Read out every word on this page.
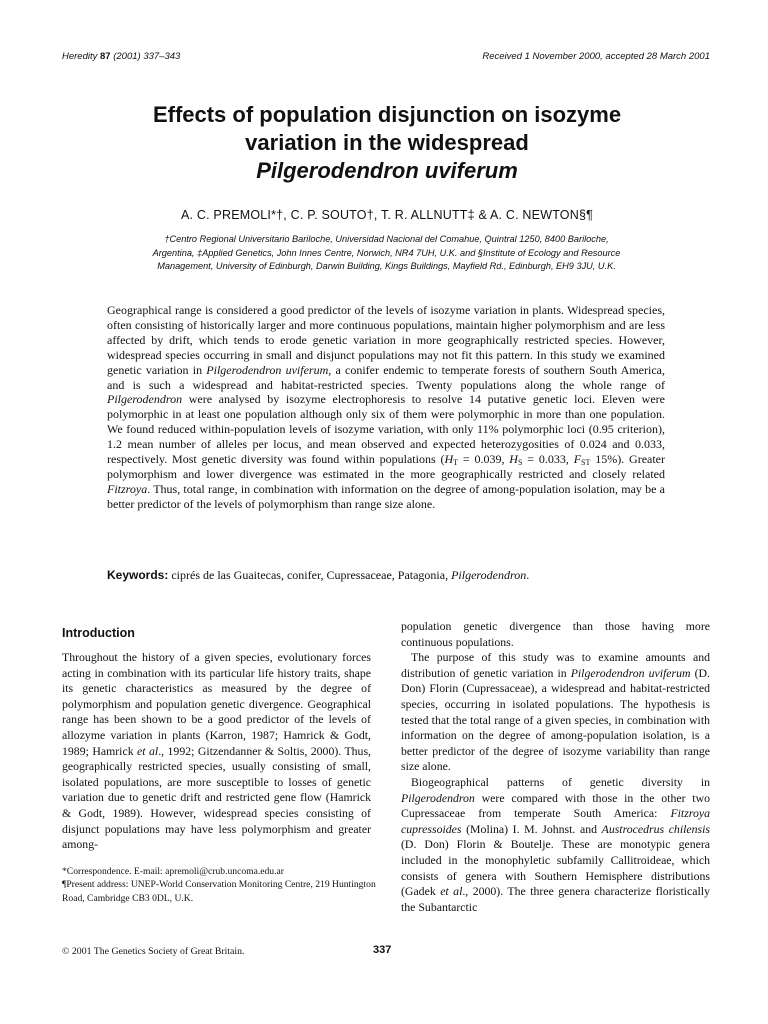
Heredity 87 (2001) 337–343	Received 1 November 2000, accepted 28 March 2001
Effects of population disjunction on isozyme
variation in the widespread
Pilgerodendron uviferum
A. C. PREMOLI*†, C. P. SOUTO†, T. R. ALLNUTT‡ & A. C. NEWTON§¶
†Centro Regional Universitario Bariloche, Universidad Nacional del Comahue, Quintral 1250, 8400 Bariloche,
Argentina, ‡Applied Genetics, John Innes Centre, Norwich, NR4 7UH, U.K. and §Institute of Ecology and Resource
Management, University of Edinburgh, Darwin Building, Kings Buildings, Mayfield Rd., Edinburgh, EH9 3JU, U.K.
Geographical range is considered a good predictor of the levels of isozyme variation in plants. Widespread species, often consisting of historically larger and more continuous populations, maintain higher polymorphism and are less affected by drift, which tends to erode genetic variation in more geographically restricted species. However, widespread species occurring in small and disjunct populations may not fit this pattern. In this study we examined genetic variation in Pilgerodendron uviferum, a conifer endemic to temperate forests of southern South America, and is such a widespread and habitat-restricted species. Twenty populations along the whole range of Pilgerodendron were analysed by isozyme electrophoresis to resolve 14 putative genetic loci. Eleven were polymorphic in at least one population although only six of them were polymorphic in more than one population. We found reduced within-population levels of isozyme variation, with only 11% polymorphic loci (0.95 criterion), 1.2 mean number of alleles per locus, and mean observed and expected heterozygosities of 0.024 and 0.033, respectively. Most genetic diversity was found within populations ($H_T = 0.039$, $H_S = 0.033$, $F_{ST}$ 15%). Greater polymorphism and lower divergence was estimated in the more geographically restricted and closely related Fitzroya. Thus, total range, in combination with information on the degree of among-population isolation, may be a better predictor of the levels of polymorphism than range size alone.
Keywords: ciprés de las Guaitecas, conifer, Cupressaceae, Patagonia, Pilgerodendron.
Introduction

Throughout the history of a given species, evolutionary forces acting in combination with its particular life history traits, shape its genetic characteristics as measured by the degree of polymorphism and population genetic divergence. Geographical range has been shown to be a good predictor of the levels of allozyme variation in plants (Karron, 1987; Hamrick & Godt, 1989; Hamrick et al., 1992; Gitzendanner & Soltis, 2000). Thus, geographically restricted species, usually consisting of small, isolated populations, are more susceptible to losses of genetic variation due to genetic drift and restricted gene flow (Hamrick & Godt, 1989). However, widespread species consisting of disjunct populations may have less polymorphism and greater among-

population genetic divergence than those having more continuous populations.

The purpose of this study was to examine amounts and distribution of genetic variation in Pilgerodendron uviferum (D. Don) Florin (Cupressaceae), a widespread and habitat-restricted species, occurring in isolated populations. The hypothesis is tested that the total range of a given species, in combination with information on the degree of among-population isolation, is a better predictor of the degree of isozyme variability than range size alone.

Biogeographical patterns of genetic diversity in Pilgerodendron were compared with those in the other two Cupressaceae from temperate South America: Fitzroya cupressoides (Molina) I. M. Johnst. and Austrocedrus chilensis (D. Don) Florin & Boutelje. These are monotypic genera included in the monophyletic subfamily Callitroideae, which consists of genera with Southern Hemisphere distributions (Gadek et al., 2000). The three genera characterize floristically the Subantarctic

*Correspondence. E-mail: apremoli@crub.uncoma.edu.ar
¶Present address: UNEP-World Conservation Monitoring Centre, 219 Huntington Road, Cambridge CB3 0DL, U.K.
© 2001 The Genetics Society of Great Britain.	337
